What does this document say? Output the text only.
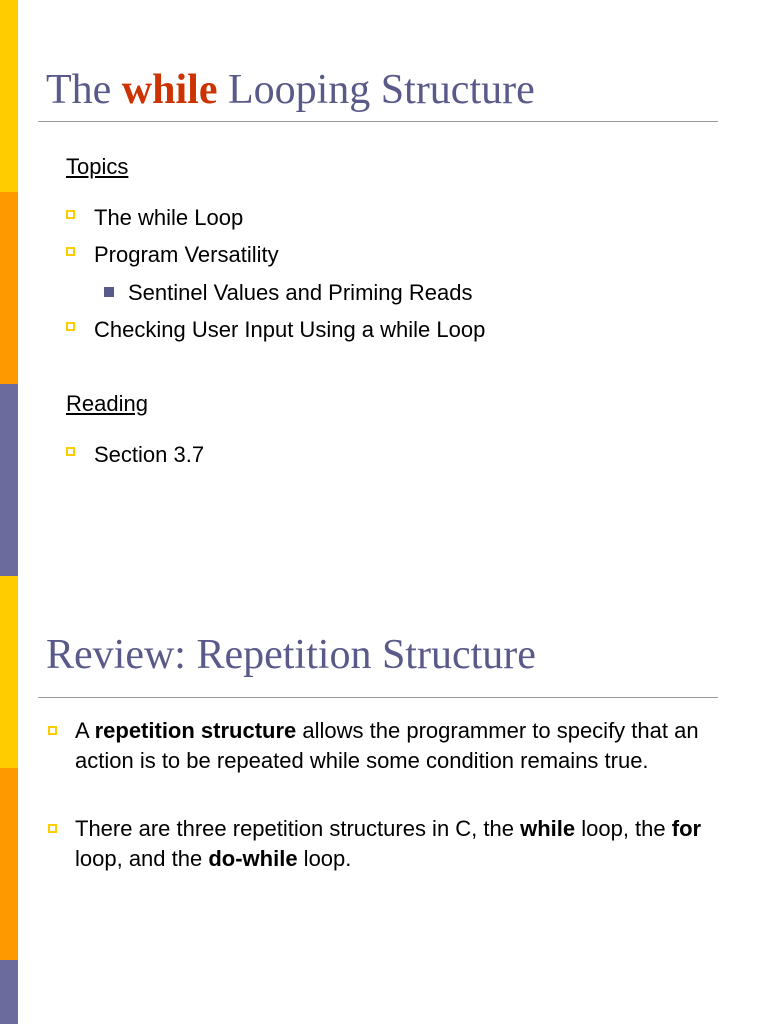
The while Looping Structure
Topics
The while Loop
Program Versatility
Sentinel Values and Priming Reads
Checking User Input Using a while Loop
Reading
Section 3.7
Review: Repetition Structure
A repetition structure allows the programmer to specify that an action is to be repeated while some condition remains true.
There are three repetition structures in C, the while loop, the for loop, and the do-while loop.
